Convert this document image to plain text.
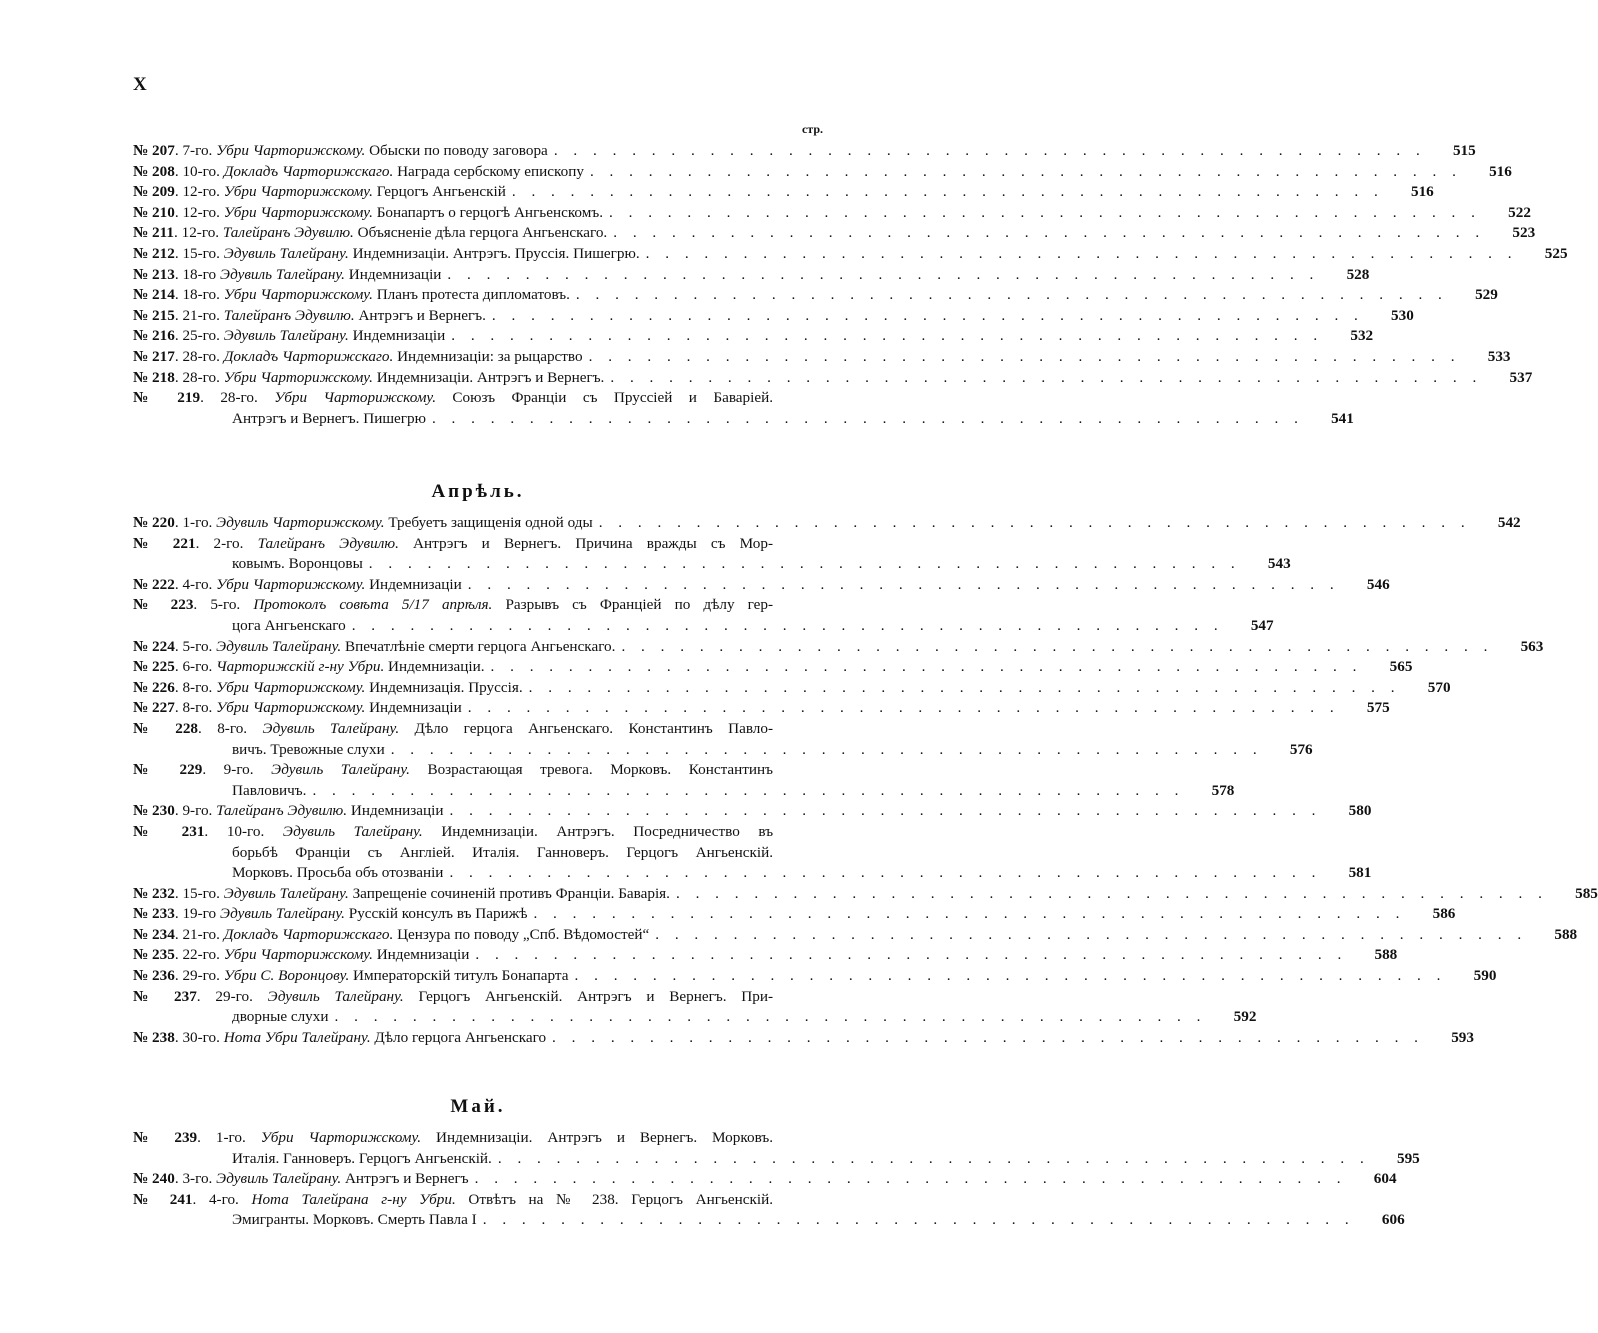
X
стр.
№ 207. 7-го. Убри Чарторижскому. Обыски по поводу заговора . . . . . . . . . . . . . . . . . . . . . . . . . . . . . . . . . . . . . . . . . . . . .	515
№ 208. 10-го. Докладъ Чарторижскаго. Награда сербскому епископу . . . . . . . . . . . . . . . . . . . . . . . . . . . . . . . . . . . . . . . . . . . . .	516
№ 209. 12-го. Убри Чарторижскому. Герцогъ Ангьенскій . . . . . . . . . . . . . . . . . . . . . . . . . . . . . . . . . . . . . . . . . . . . .	516
№ 210. 12-го. Убри Чарторижскому. Бонапартъ о герцогѣ Ангьенскомъ. . . . . . . . . . . . . . . . . . . . . . . . . . . . . . . . . . . . . . . . . . . . . .	522
№ 211. 12-го. Талейранъ Эдувилю. Объясненіе дѣла герцога Ангьенскаго. . . . . . . . . . . . . . . . . . . . . . . . . . . . . . . . . . . . . . . . . . . . . .	523
№ 212. 15-го. Эдувиль Талейрану. Индемнизаціи. Антрэгъ. Пруссія. Пишегрю. . . . . . . . . . . . . . . . . . . . . . . . . . . . . . . . . . . . . . . . . . . . . .	525
№ 213. 18-го Эдувиль Талейрану. Индемнизаціи . . . . . . . . . . . . . . . . . . . . . . . . . . . . . . . . . . . . . . . . . . . . .	528
№ 214. 18-го. Убри Чарторижскому. Планъ протеста дипломатовъ. . . . . . . . . . . . . . . . . . . . . . . . . . . . . . . . . . . . . . . . . . . . . .	529
№ 215. 21-го. Талейранъ Эдувилю. Антрэгъ и Вернегъ. . . . . . . . . . . . . . . . . . . . . . . . . . . . . . . . . . . . . . . . . . . . . .	530
№ 216. 25-го. Эдувиль Талейрану. Индемнизаціи . . . . . . . . . . . . . . . . . . . . . . . . . . . . . . . . . . . . . . . . . . . . .	532
№ 217. 28-го. Докладъ Чарторижскаго. Индемнизаціи: за рыцарство . . . . . . . . . . . . . . . . . . . . . . . . . . . . . . . . . . . . . . . . . . . . .	533
№ 218. 28-го. Убри Чарторижскому. Индемнизаціи. Антрэгъ и Вернегъ. . . . . . . . . . . . . . . . . . . . . . . . . . . . . . . . . . . . . . . . . . . . . .	537
№ 219. 28-го. Убри Чарторижскому. Союзъ Франціи съ Пруссіей и Баваріей.
Антрэгъ и Вернегъ. Пишегрю . . . . . . . . . . . . . . . . . . . . . . . . . . . . . . . . . . . . . . . . . . . . .	541
Апрѣль.
№ 220. 1-го. Эдувиль Чарторижскому. Требуетъ защищенія одной оды . . . . . . . . . . . . . . . . . . . . . . . . . . . . . . . . . . . . . . . . . . . . .	542
№ 221. 2-го. Талейранъ Эдувилю. Антрэгъ и Вернегъ. Причина вражды съ Мор-
ковымъ. Воронцовы . . . . . . . . . . . . . . . . . . . . . . . . . . . . . . . . . . . . . . . . . . . . .	543
№ 222. 4-го. Убри Чарторижскому. Индемнизаціи . . . . . . . . . . . . . . . . . . . . . . . . . . . . . . . . . . . . . . . . . . . . .	546
№ 223. 5-го. Протоколъ совѣта 5/17 апрѣля. Разрывъ съ Франціей по дѣлу гер-
цога Ангьенскаго . . . . . . . . . . . . . . . . . . . . . . . . . . . . . . . . . . . . . . . . . . . . .	547
№ 224. 5-го. Эдувиль Талейрану. Впечатлѣніе смерти герцога Ангьенскаго. . . . . . . . . . . . . . . . . . . . . . . . . . . . . . . . . . . . . . . . . . . . . .	563
№ 225. 6-го. Чарторижскій г-ну Убри. Индемнизаціи. . . . . . . . . . . . . . . . . . . . . . . . . . . . . . . . . . . . . . . . . . . . . .	565
№ 226. 8-го. Убри Чарторижскому. Индемнизація. Пруссія. . . . . . . . . . . . . . . . . . . . . . . . . . . . . . . . . . . . . . . . . . . . . .	570
№ 227. 8-го. Убри Чарторижскому. Индемнизаціи . . . . . . . . . . . . . . . . . . . . . . . . . . . . . . . . . . . . . . . . . . . . .	575
№ 228. 8-го. Эдувиль Талейрану. Дѣло герцога Ангьенскаго. Константинъ Павло-
вичъ. Тревожные слухи . . . . . . . . . . . . . . . . . . . . . . . . . . . . . . . . . . . . . . . . . . . . .	576
№ 229. 9-го. Эдувиль Талейрану. Возрастающая тревога. Морковъ. Константинъ
Павловичъ. . . . . . . . . . . . . . . . . . . . . . . . . . . . . . . . . . . . . . . . . . . . . .	578
№ 230. 9-го. Талейранъ Эдувилю. Индемнизаціи . . . . . . . . . . . . . . . . . . . . . . . . . . . . . . . . . . . . . . . . . . . . .	580
№ 231. 10-го. Эдувиль Талейрану. Индемнизаціи. Антрэгъ. Посредничество въ
борьбѣ Франціи съ Англіей. Италія. Ганноверъ. Герцогъ Ангьенскій.
Морковъ. Просьба объ отозваніи . . . . . . . . . . . . . . . . . . . . . . . . . . . . . . . . . . . . . . . . . . . . .	581
№ 232. 15-го. Эдувиль Талейрану. Запрещеніе сочиненій противъ Франціи. Баварія. . . . . . . . . . . . . . . . . . . . . . . . . . . . . . . . . . . . . . . . . . . . . .	585
№ 233. 19-го Эдувиль Талейрану. Русскій консулъ въ Парижѣ . . . . . . . . . . . . . . . . . . . . . . . . . . . . . . . . . . . . . . . . . . . . .	586
№ 234. 21-го. Докладъ Чарторижскаго. Цензура по поводу „Спб. Вѣдомостей“ . . . . . . . . . . . . . . . . . . . . . . . . . . . . . . . . . . . . . . . . . . . . .	588
№ 235. 22-го. Убри Чарторижскому. Индемнизаціи . . . . . . . . . . . . . . . . . . . . . . . . . . . . . . . . . . . . . . . . . . . . .	588
№ 236. 29-го. Убри С. Воронцову. Императорскій титулъ Бонапарта . . . . . . . . . . . . . . . . . . . . . . . . . . . . . . . . . . . . . . . . . . . . .	590
№ 237. 29-го. Эдувиль Талейрану. Герцогъ Ангьенскій. Антрэгъ и Вернегъ. При-
дворные слухи . . . . . . . . . . . . . . . . . . . . . . . . . . . . . . . . . . . . . . . . . . . . .	592
№ 238. 30-го. Нота Убри Талейрану. Дѣло герцога Ангьенскаго . . . . . . . . . . . . . . . . . . . . . . . . . . . . . . . . . . . . . . . . . . . . .	593
Май.
№ 239. 1-го. Убри Чарторижскому. Индемнизаціи. Антрэгъ и Вернегъ. Морковъ.
Италія. Ганноверъ. Герцогъ Ангьенскій. . . . . . . . . . . . . . . . . . . . . . . . . . . . . . . . . . . . . . . . . . . . . .	595
№ 240. 3-го. Эдувиль Талейрану. Антрэгъ и Вернегъ . . . . . . . . . . . . . . . . . . . . . . . . . . . . . . . . . . . . . . . . . . . . .	604
№ 241. 4-го. Нота Талейрана г-ну Убри. Отвѣтъ на № 238. Герцогъ Ангьенскій.
Эмигранты. Морковъ. Смерть Павла I . . . . . . . . . . . . . . . . . . . . . . . . . . . . . . . . . . . . . . . . . . . . .	606
